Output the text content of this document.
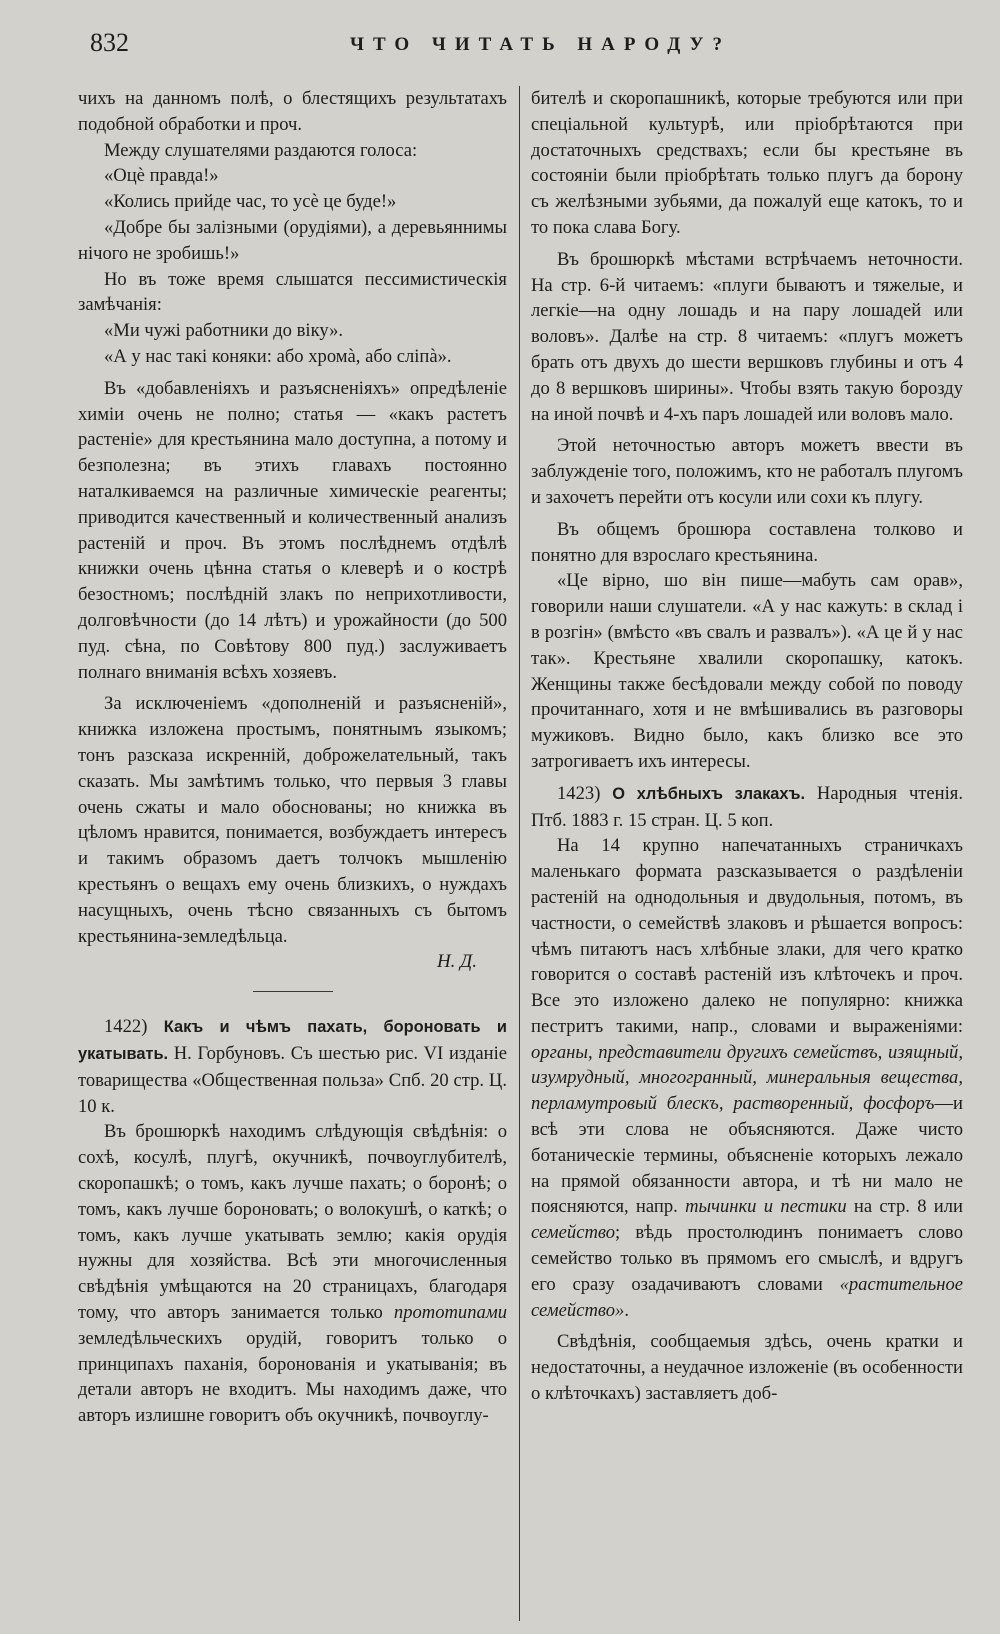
832	ЧТО ЧИТАТЬ НАРОДУ?

чихъ на данномъ полѣ, о блестящихъ результатахъ подобной обработки и проч.

Между слушателями раздаются голоса:

«Оцѐ правда!»

«Колись прийде час, то усѐ це буде!»

«Добре бы залізными (орудіями), а деревьяннимы нічого не зробишь!»

Но въ тоже время слышатся пессимистическія замѣчанія:

«Ми чужі работники до віку».

«А у нас такі коняки: або хромà, або сліпà».

Въ «добавленіяхъ и разъясненіяхъ» опредѣленіе химіи очень не полно; статья — «какъ растетъ растеніе» для крестьянина мало доступна, а потому и безполезна; въ этихъ главахъ постоянно наталкиваемся на различные химическіе реагенты; приводится качественный и количественный анализъ растеній и проч. Въ этомъ послѣднемъ отдѣлѣ книжки очень цѣнна статья о клеверѣ и о кострѣ безостномъ; послѣдній злакъ по неприхотливости, долговѣчности (до 14 лѣтъ) и урожайности (до 500 пуд. сѣна, по Совѣтову 800 пуд.) заслуживаетъ полнаго вниманія всѣхъ хозяевъ.

За исключеніемъ «дополненій и разъясненій», книжка изложена простымъ, понятнымъ языкомъ; тонъ разсказа искренній, доброжелательный, такъ сказать. Мы замѣтимъ только, что первыя 3 главы очень сжаты и мало обоснованы; но книжка въ цѣломъ нравится, понимается, возбуждаетъ интересъ и такимъ образомъ даетъ толчокъ мышленію крестьянъ о вещахъ ему очень близкихъ, о нуждахъ насущныхъ, очень тѣсно связанныхъ съ бытомъ крестьянина-земледѣльца.

Н. Д.

1422) Какъ и чѣмъ пахать, бороновать и укатывать. Н. Горбуновъ. Съ шестью рис. VI изданіе товарищества «Общественная польза» Спб. 20 стр. Ц. 10 к.

Въ брошюркѣ находимъ слѣдующія свѣдѣнія: о сохѣ, косулѣ, плугѣ, окучникѣ, почвоуглубителѣ, скоропашкѣ; о томъ, какъ лучше пахать; о боронѣ; о томъ, какъ лучше бороновать; о волокушѣ, о каткѣ; о томъ, какъ лучше укатывать землю; какія орудія нужны для хозяйства. Всѣ эти многочисленныя свѣдѣнія умѣщаются на 20 страницахъ, благодаря тому, что авторъ занимается только прототипами земледѣльческихъ орудій, говоритъ только о принципахъ паханія, бороновaнія и укатыванія; въ детали авторъ не входитъ. Мы находимъ даже, что авторъ излишне говоритъ объ окучникѣ, почвоуглу-

бителѣ и скоропашникѣ, которые требуются или при спеціальной культурѣ, или пріобрѣтаются при достаточныхъ средствахъ; если бы крестьяне въ состояніи были пріобрѣтать только плугъ да борону съ желѣзными зубьями, да пожалуй еще катокъ, то и то пока слава Богу.

Въ брошюркѣ мѣстами встрѣчаемъ неточности. На стр. 6-й читаемъ: «плуги бываютъ и тяжелые, и легкіе—на одну лошадь и на пару лошадей или воловъ». Далѣе на стр. 8 читаемъ: «плугъ можетъ брать отъ двухъ до шести вершковъ глубины и отъ 4 до 8 вершковъ ширины». Чтобы взять такую борозду на иной почвѣ и 4-хъ паръ лошадей или воловъ мало.

Этой неточностью авторъ можетъ ввести въ заблужденіе того, положимъ, кто не работалъ плугомъ и захочетъ перейти отъ косули или сохи къ плугу.

Въ общемъ брошюра составлена толково и понятно для взрослаго крестьянина.

«Це вірно, шо він пише—мабуть сам орав», говорили наши слушатели. «А у нас кажуть: в склад і в розгін» (вмѣсто «въ свалъ и развалъ»). «А це й у нас так». Крестьяне хвалили скоропашку, катокъ. Женщины также бесѣдовали между собой по поводу прочитаннаго, хотя и не вмѣшивались въ разговоры мужиковъ. Видно было, какъ близко все это затрогиваетъ ихъ интересы.

1423) О хлѣбныхъ злакахъ. Народныя чтенія. Птб. 1883 г. 15 стран. Ц. 5 коп.

На 14 крупно напечатанныхъ страничкахъ маленькаго формата разсказывается о раздѣленіи растеній на однодольныя и двудольныя, потомъ, въ частности, о семействѣ злаковъ и рѣшается вопросъ: чѣмъ питаютъ насъ хлѣбные злаки, для чего кратко говорится о составѣ растеній изъ клѣточекъ и проч. Все это изложено далеко не популярно: книжка пестритъ такими, напр., словами и выраженіями: органы, представители другихъ семействъ, изящный, изумрудный, многогранный, минеральныя вещества, перламутровый блескъ, растворенный, фосфоръ—и всѣ эти слова не объясняются. Даже чисто ботаническіе термины, объясненіе которыхъ лежало на прямой обязанности автора, и тѣ ни мало не поясняются, напр. тычинки и пестики на стр. 8 или семейство; вѣдь простолюдинъ понимаетъ слово семейство только въ прямомъ его смыслѣ, и вдругъ его сразу озадачиваютъ словами «растительное семейство».

Свѣдѣнія, сообщаемыя здѣсь, очень кратки и недостаточны, а неудачное изложеніе (въ особенности о клѣточкахъ) заставляетъ доб-
